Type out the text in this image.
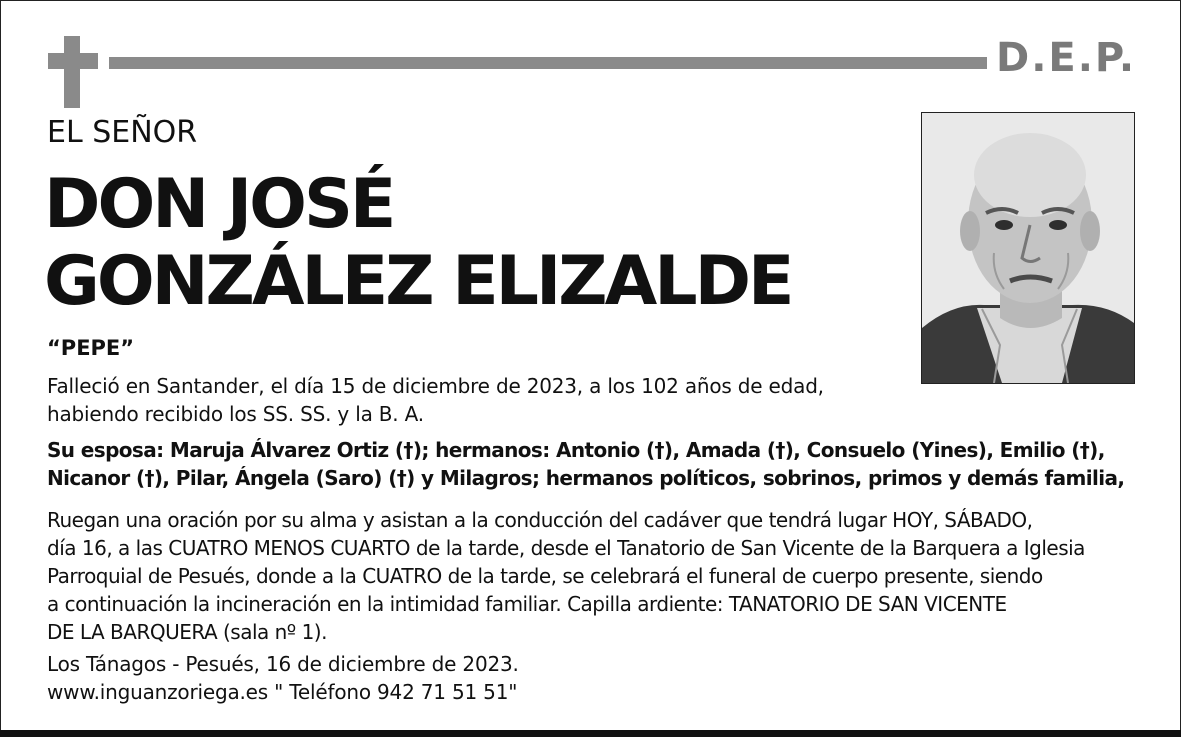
D.E.P.
EL SEÑOR
DON JOSÉ
GONZÁLEZ ELIZALDE
“PEPE”
Falleció en Santander, el día 15 de diciembre de 2023, a los 102 años de edad,
habiendo recibido los SS. SS. y la B. A.
Su esposa: Maruja Álvarez Ortiz (†); hermanos: Antonio (†), Amada (†), Consuelo (Yines), Emilio (†),
Nicanor (†), Pilar, Ángela (Saro) (†) y Milagros; hermanos políticos, sobrinos, primos y demás familia,
Ruegan una oración por su alma y asistan a la conducción del cadáver que tendrá lugar HOY, SÁBADO,
día 16, a las CUATRO MENOS CUARTO de la tarde, desde el Tanatorio de San Vicente de la Barquera a Iglesia
Parroquial de Pesués, donde a la CUATRO de la tarde, se celebrará el funeral de cuerpo presente, siendo
a continuación la incineración en la intimidad familiar. Capilla ardiente: TANATORIO DE SAN VICENTE
DE LA BARQUERA (sala nº 1).
Los Tánagos - Pesués, 16 de diciembre de 2023.
www.inguanzoriega.es " Teléfono 942 71 51 51"
